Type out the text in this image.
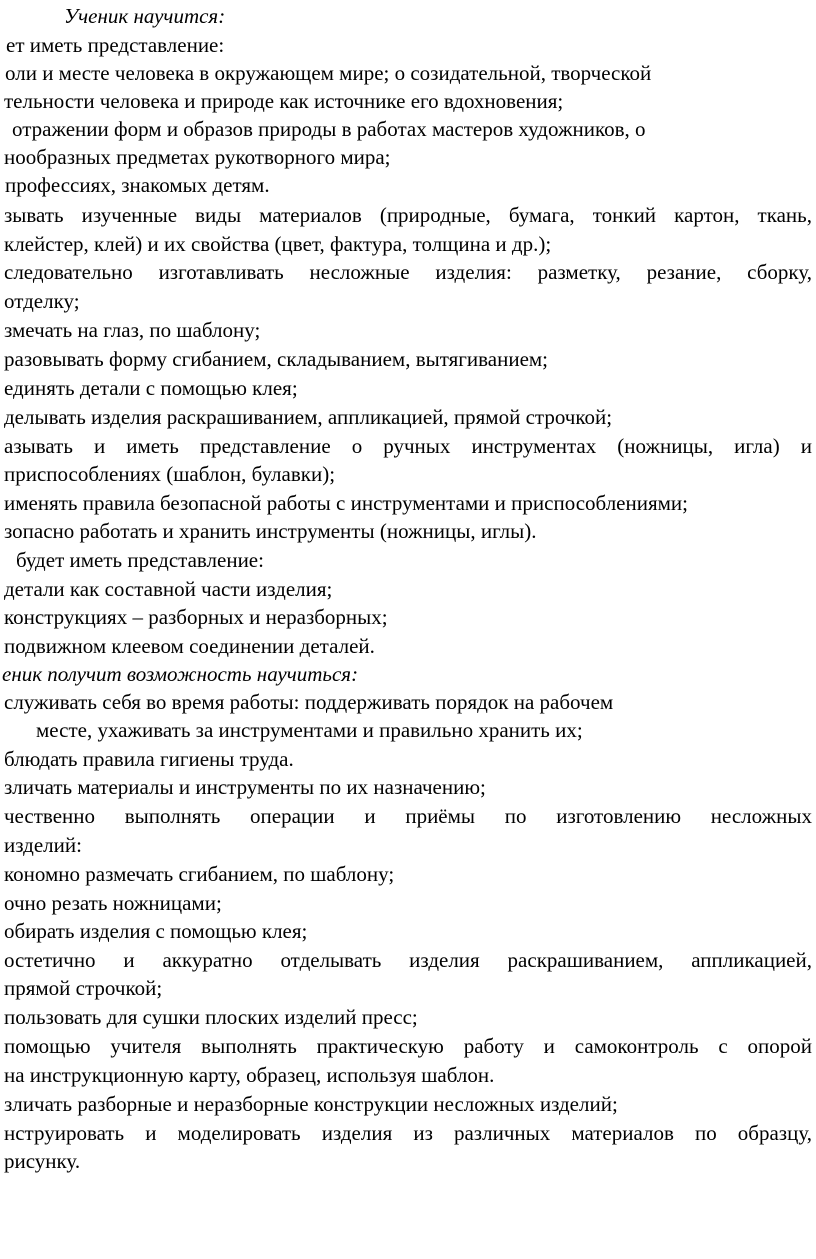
Ученик научится:
ет иметь представление:
оли и месте человека в окружающем мире; о созидательной, творческой
тельности человека и природе как источнике его вдохновения;
отражении форм и образов природы в работах мастеров художников, о
нообразных предметах рукотворного мира;
профессиях, знакомых детям.
зывать изученные виды материалов (природные, бумага, тонкий картон, ткань,
клейстер, клей) и их свойства (цвет, фактура, толщина и др.);
следовательно изготавливать несложные изделия: разметку, резание, сборку,
отделку;
змечать на глаз, по шаблону;
разовывать форму сгибанием, складыванием, вытягиванием;
единять детали с помощью клея;
делывать изделия раскрашиванием, аппликацией, прямой строчкой;
азывать и иметь представление о ручных инструментах (ножницы, игла) и
приспособлениях (шаблон, булавки);
именять правила безопасной работы с инструментами и приспособлениями;
зопасно работать и хранить инструменты (ножницы, иглы).
будет иметь представление:
детали как составной части изделия;
конструкциях – разборных и неразборных;
подвижном клеевом соединении деталей.
еник получит возможность научиться:
служивать себя во время работы: поддерживать порядок на рабочем
месте, ухаживать за инструментами и правильно хранить их;
блюдать правила гигиены труда.
зличать материалы и инструменты по их назначению;
чественно выполнять операции и приёмы по изготовлению несложных
изделий:
кономно размечать сгибанием, по шаблону;
очно резать ножницами;
обирать изделия с помощью клея;
остетично и аккуратно отделывать изделия раскрашиванием, аппликацией,
прямой строчкой;
пользовать для сушки плоских изделий пресс;
помощью учителя выполнять практическую работу и самоконтроль с опорой
на инструкционную карту, образец, используя шаблон.
зличать разборные и неразборные конструкции несложных изделий;
нструировать и моделировать изделия из различных материалов по образцу,
рисунку.
